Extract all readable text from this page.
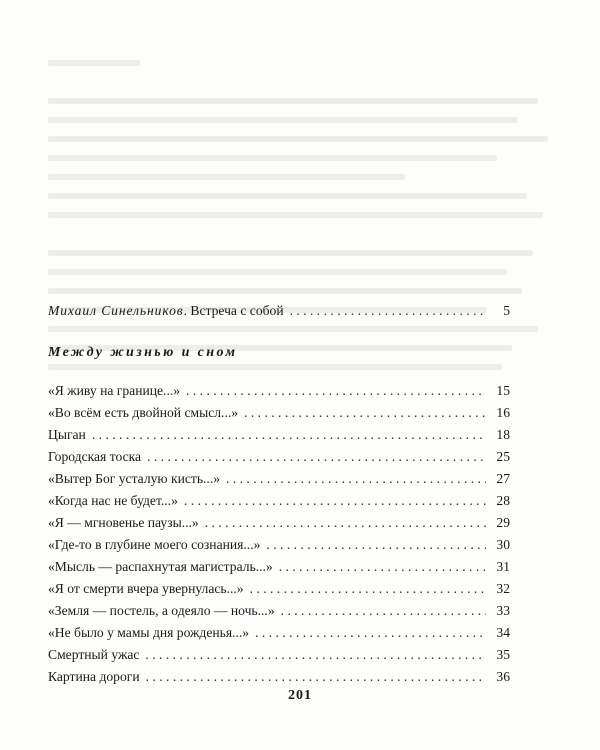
Михаил Синельников. Встреча с собой . . .	5
Между жизнью и сном
«Я живу на границе...» . . .	15
«Во всём есть двойной смысл...» . . .	16
Цыган . . .	18
Городская тоска . . .	25
«Вытер Бог усталую кисть...» . . .	27
«Когда нас не будет...» . . .	28
«Я — мгновенье паузы...» . . .	29
«Где-то в глубине моего сознания...» . . .	30
«Мысль — распахнутая магистраль...» . . .	31
«Я от смерти вчера увернулась...» . . .	32
«Земля — постель, а одеяло — ночь...» . . .	33
«Не было у мамы дня рожденья...» . . .	34
Смертный ужас . . .	35
Картина дороги . . .	36
201
